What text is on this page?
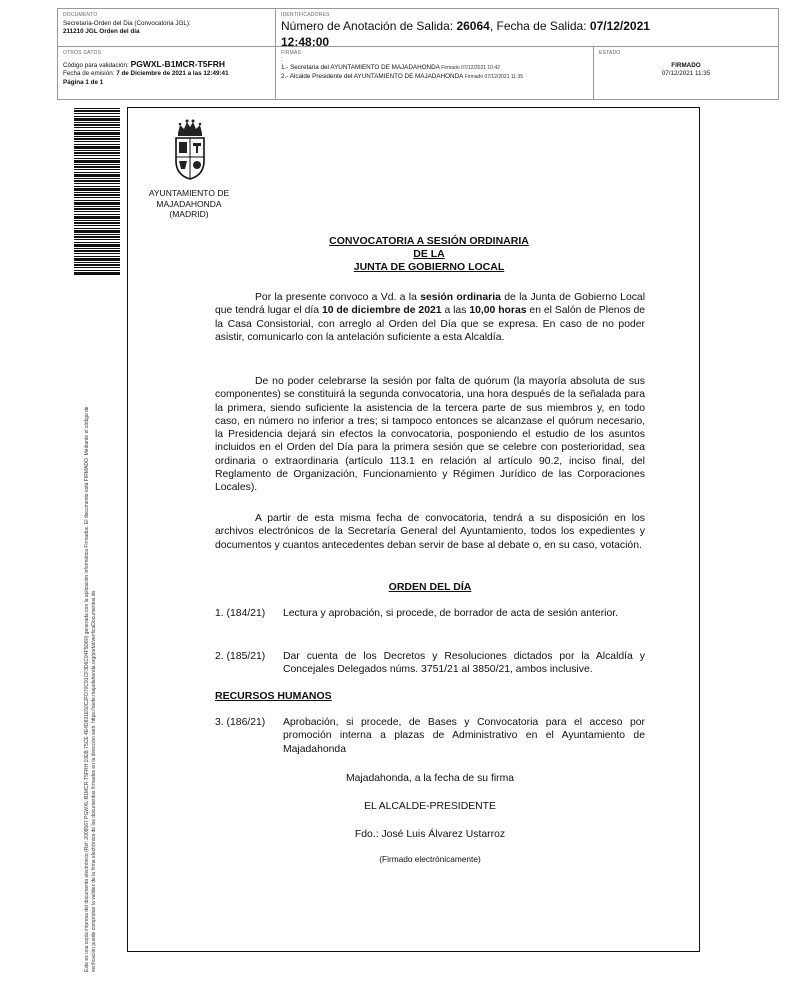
DOCUMENTO
Secretaria-Orden del Dia (Convocatoria JGL):
211210 JGL Orden del día
IDENTIFICADORES
Número de Anotación de Salida: 26064, Fecha de Salida: 07/12/2021
12:48:00
OTROS DATOS
Código para validación: PGWXL-B1MCR-T5FRH
Fecha de emisión: 7 de Diciembre de 2021 a las 12:49:41
Página 1 de 1
FIRMAS
:
1.- Secretaria del AYUNTAMIENTO DE MAJADAHONDA Firmado 07/12/2021 10:42
2.- Alcalde Presidente del AYUNTAMIENTO DE MAJADAHONDA Firmado 07/12/2021 11:35
ESTADO
FIRMADO
07/12/2021 11:35
Este es una copia impresa del documento electrónico (Ref: 2009567 PGWXL-B1MCR-T5FRH 10EB 75CE 4E4D831E50C2FD70C91CF3D6C94F5D80) generada con la aplicación informática Firmadoc. El documento está FIRMADO. Mediante el código de verificación puede comprobar la validez de la firma electrónica de los documentos firmados en la dirección web: https://sede.majadahonda.org/portal/verificaDocumentos.do
AYUNTAMIENTO DE
MAJADAHONDA
(MADRID)
CONVOCATORIA A SESIÓN ORDINARIA
DE LA
JUNTA DE GOBIERNO LOCAL
Por la presente convoco a Vd. a la sesión ordinaria de la Junta de Gobierno Local que tendrá lugar el día 10 de diciembre de 2021 a las 10,00 horas en el Salón de Plenos de la Casa Consistorial, con arreglo al Orden del Día que se expresa. En caso de no poder asistir, comunicarlo con la antelación suficiente a esta Alcaldía.
De no poder celebrarse la sesión por falta de quórum (la mayoría absoluta de sus componentes) se constituirá la segunda convocatoria, una hora después de la señalada para la primera, siendo suficiente la asistencia de la tercera parte de sus miembros y, en todo caso, en número no inferior a tres; si tampoco entonces se alcanzase el quórum necesario, la Presidencia dejará sin efectos la convocatoria, posponiendo el estudio de los asuntos incluidos en el Orden del Día para la primera sesión que se celebre con posterioridad, sea ordinaria o extraordinaria (artículo 113.1 en relación al artículo 90.2, inciso final, del Reglamento de Organización, Funcionamiento y Régimen Jurídico de las Corporaciones Locales).
A partir de esta misma fecha de convocatoria, tendrá a su disposición en los archivos electrónicos de la Secretaría General del Ayuntamiento, todos los expedientes y documentos y cuantos antecedentes deban servir de base al debate o, en su caso, votación.
ORDEN DEL DÍA
1. (184/21)	Lectura y aprobación, si procede, de borrador de acta de sesión anterior.
2. (185/21)	Dar cuenta de los Decretos y Resoluciones dictados por la Alcaldía y Concejales Delegados núms. 3751/21 al 3850/21, ambos inclusive.
RECURSOS HUMANOS
3. (186/21)	Aprobación, si procede, de Bases y Convocatoria para el acceso por promoción interna a plazas de Administrativo en el Ayuntamiento de Majadahonda
Majadahonda, a la fecha de su firma
EL ALCALDE-PRESIDENTE
Fdo.: José Luis Álvarez Ustarroz
(Firmado electrónicamente)
